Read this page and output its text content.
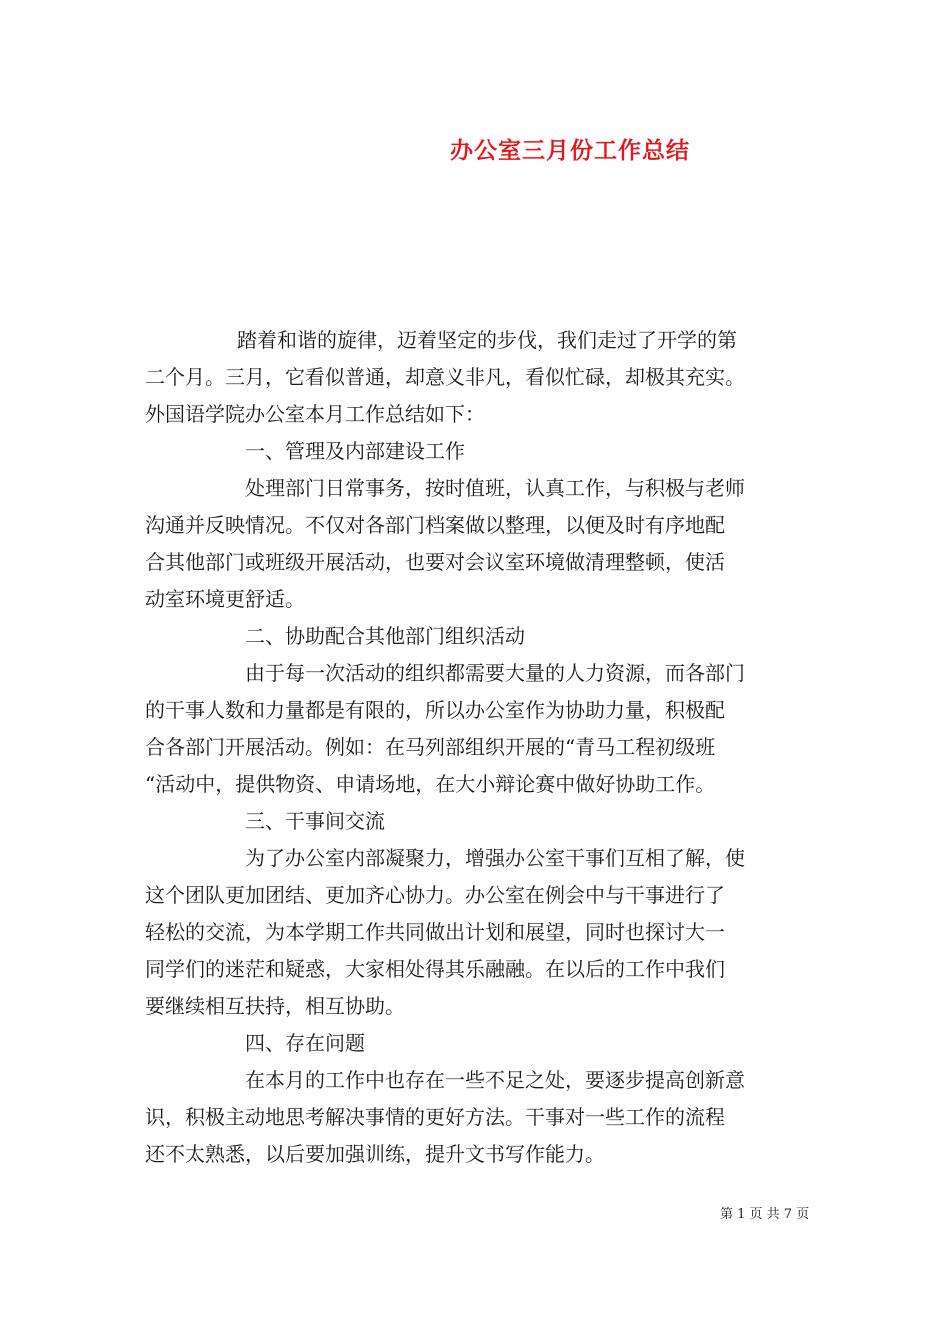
办公室三月份工作总结
踏着和谐的旋律，迈着坚定的步伐，我们走过了开学的第
二个月。三月，它看似普通，却意义非凡，看似忙碌，却极其充实。
外国语学院办公室本月工作总结如下：
一、管理及内部建设工作
处理部门日常事务，按时值班，认真工作，与积极与老师
沟通并反映情况。不仅对各部门档案做以整理，以便及时有序地配
合其他部门或班级开展活动，也要对会议室环境做清理整顿，使活
动室环境更舒适。
二、协助配合其他部门组织活动
由于每一次活动的组织都需要大量的人力资源，而各部门
的干事人数和力量都是有限的，所以办公室作为协助力量，积极配
合各部门开展活动。例如：在马列部组织开展的“青马工程初级班
“活动中，提供物资、申请场地，在大小辩论赛中做好协助工作。
三、干事间交流
为了办公室内部凝聚力，增强办公室干事们互相了解，使
这个团队更加团结、更加齐心协力。办公室在例会中与干事进行了
轻松的交流，为本学期工作共同做出计划和展望，同时也探讨大一
同学们的迷茫和疑惑，大家相处得其乐融融。在以后的工作中我们
要继续相互扶持，相互协助。
四、存在问题
在本月的工作中也存在一些不足之处，要逐步提高创新意
识，积极主动地思考解决事情的更好方法。干事对一些工作的流程
还不太熟悉，以后要加强训练，提升文书写作能力。
第 1 页 共 7 页
